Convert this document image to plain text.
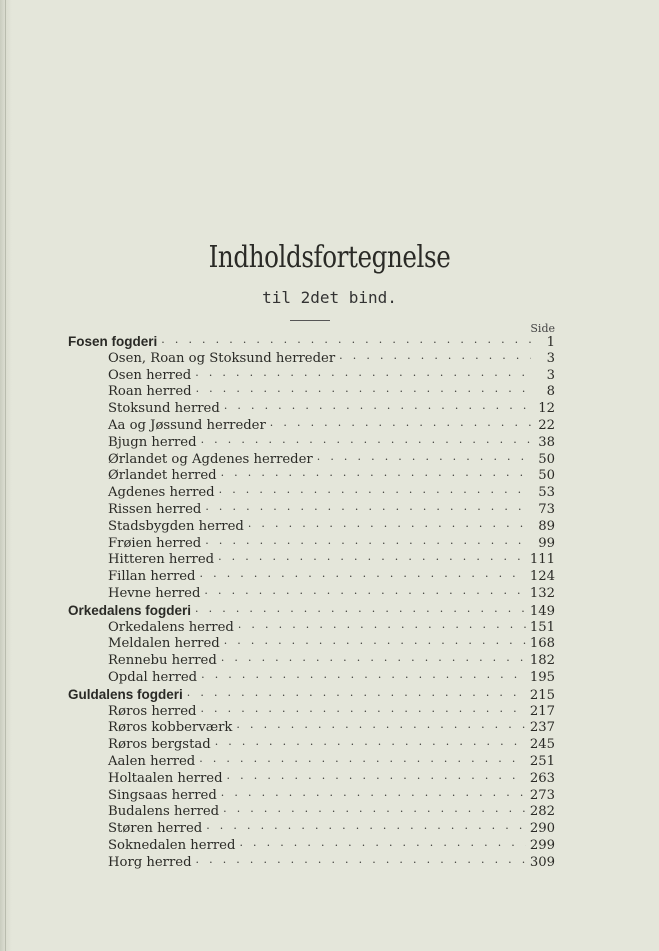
Indholdsfortegnelse
til 2det bind.
Side
Fosen fogderi · · ·	1
Osen, Roan og Stoksund herreder · · ·	3
Osen herred · · ·	3
Roan herred · · ·	8
Stoksund herred · · ·	12
Aa og Jøssund herreder · · ·	22
Bjugn herred · · ·	38
Ørlandet og Agdenes herreder · · ·	50
Ørlandet herred · · ·	50
Agdenes herred · · ·	53
Rissen herred · · ·	73
Stadsbygden herred · · ·	89
Frøien herred · · ·	99
Hitteren herred · · ·	111
Fillan herred · · ·	124
Hevne herred · · ·	132
Orkedalens fogderi · · ·	149
Orkedalens herred · · ·	151
Meldalen herred · · ·	168
Rennebu herred · · ·	182
Opdal herred · · ·	195
Guldalens fogderi · · ·	215
Røros herred · · ·	217
Røros kobberværk · · ·	237
Røros bergstad · · ·	245
Aalen herred · · ·	251
Holtaalen herred · · ·	263
Singsaas herred · · ·	273
Budalens herred · · ·	282
Støren herred · · ·	290
Soknedalen herred · · ·	299
Horg herred · · ·	309
